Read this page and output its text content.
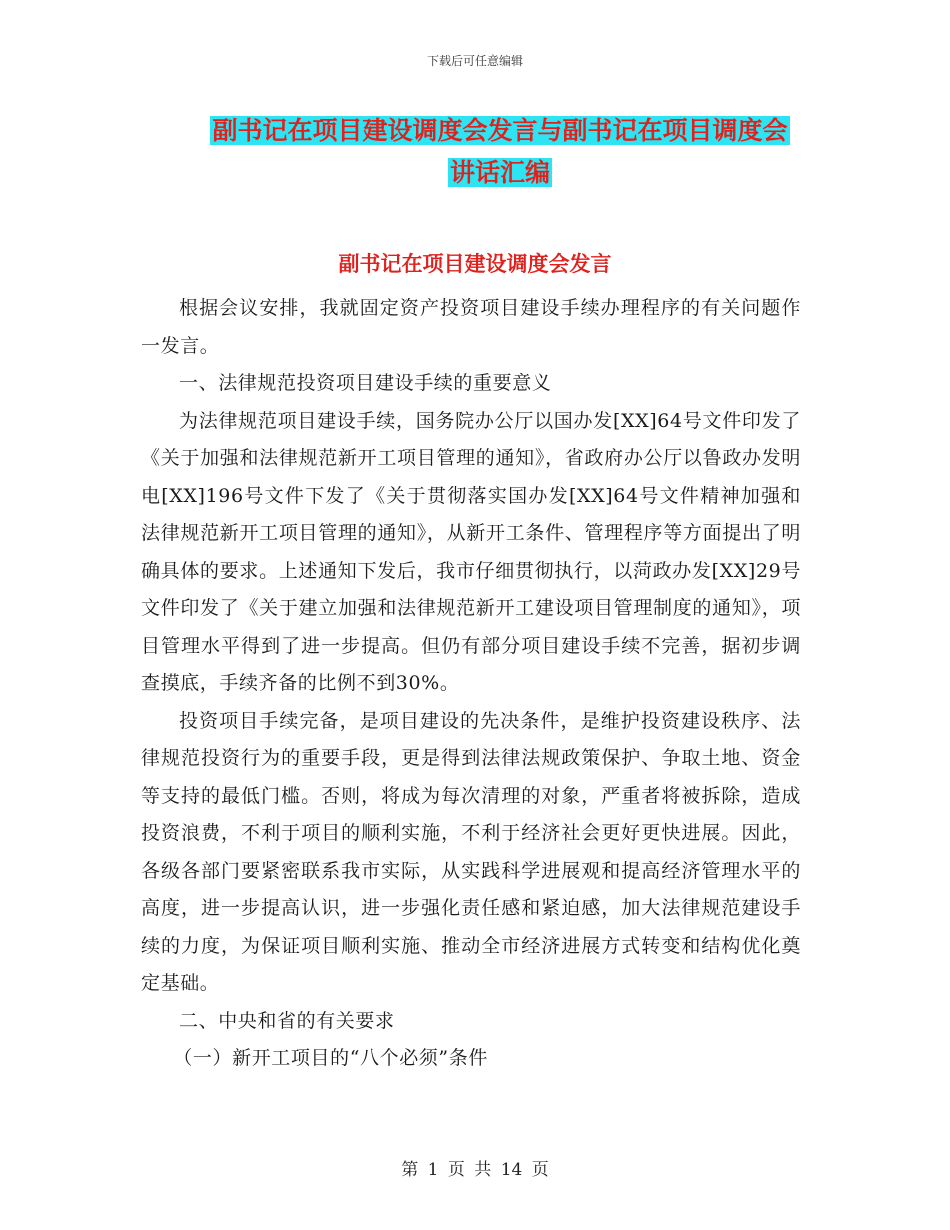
下载后可任意编辑
副书记在项目建设调度会发言与副书记在项目调度会
讲话汇编
副书记在项目建设调度会发言

根据会议安排，我就固定资产投资项目建设手续办理程序的有关问题作一发言。

一、法律规范投资项目建设手续的重要意义

为法律规范项目建设手续，国务院办公厅以国办发[XX]64号文件印发了《关于加强和法律规范新开工项目管理的通知》，省政府办公厅以鲁政办发明电[XX]196号文件下发了《关于贯彻落实国办发[XX]64号文件精神加强和法律规范新开工项目管理的通知》，从新开工条件、管理程序等方面提出了明确具体的要求。上述通知下发后，我市仔细贯彻执行，以菏政办发[XX]29号文件印发了《关于建立加强和法律规范新开工建设项目管理制度的通知》，项目管理水平得到了进一步提高。但仍有部分项目建设手续不完善，据初步调查摸底，手续齐备的比例不到30%。

投资项目手续完备，是项目建设的先决条件，是维护投资建设秩序、法律规范投资行为的重要手段，更是得到法律法规政策保护、争取土地、资金等支持的最低门槛。否则，将成为每次清理的对象，严重者将被拆除，造成投资浪费，不利于项目的顺利实施，不利于经济社会更好更快进展。因此，各级各部门要紧密联系我市实际，从实践科学进展观和提高经济管理水平的高度，进一步提高认识，进一步强化责任感和紧迫感，加大法律规范建设手续的力度，为保证项目顺利实施、推动全市经济进展方式转变和结构优化奠定基础。

二、中央和省的有关要求

（一）新开工项目的“八个必须”条件

第 1 页 共 14 页
